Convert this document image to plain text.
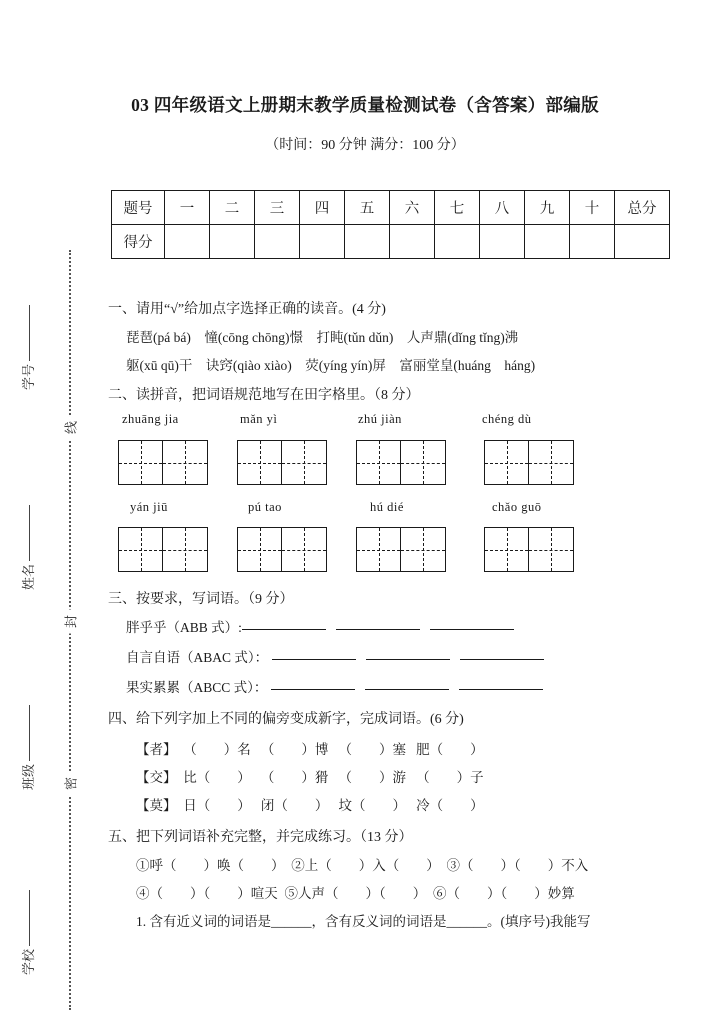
线
封
密
学号
姓名
班级
学校
03 四年级语文上册期末教学质量检测试卷（含答案）部编版
（时间：90 分钟 满分：100 分）
题号	一	二	三	四	五	六	七	八	九	十	总分
得分											
一、请用“√”给加点字选择正确的读音。(4 分)
琵琶(pá bá)　憧(cōng chōng)憬　打盹(tǔn dǔn)　人声鼎(dǐng tǐng)沸
躯(xū qū)干　诀窍(qiào xiào)　荧(yíng yín)屏　富丽堂皇(huáng　háng)
二、读拼音，把词语规范地写在田字格里。（8 分）
zhuāng jia	mǎn yì	zhú jiàn	chéng dù
yán jiū	pú tao	hú dié	chǎo guō
三、按要求，写词语。（9 分）
胖乎乎（ABB 式）:
自言自语（ABAC 式）：
果实累累（ABCC 式）：
四、给下列字加上不同的偏旁变成新字，完成词语。(6 分)
【者】 （　　）名 （　　）博 （　　）塞 肥（　　）
【交】 比（　　） （　　）猾 （　　）游 （　　）子
【莫】 日（　　） 闭（　　） 坟（　　） 冷（　　）
五、把下列词语补充完整，并完成练习。（13 分）
①呼（　　）唤（　　） ②上（　　）入（　　） ③（　　）（　　）不入
④（　　）（　　）喧天 ⑤人声（　　）（　　） ⑥（　　）（　　）妙算
1. 含有近义词的词语是______，含有反义词的词语是______。(填序号)我能写
